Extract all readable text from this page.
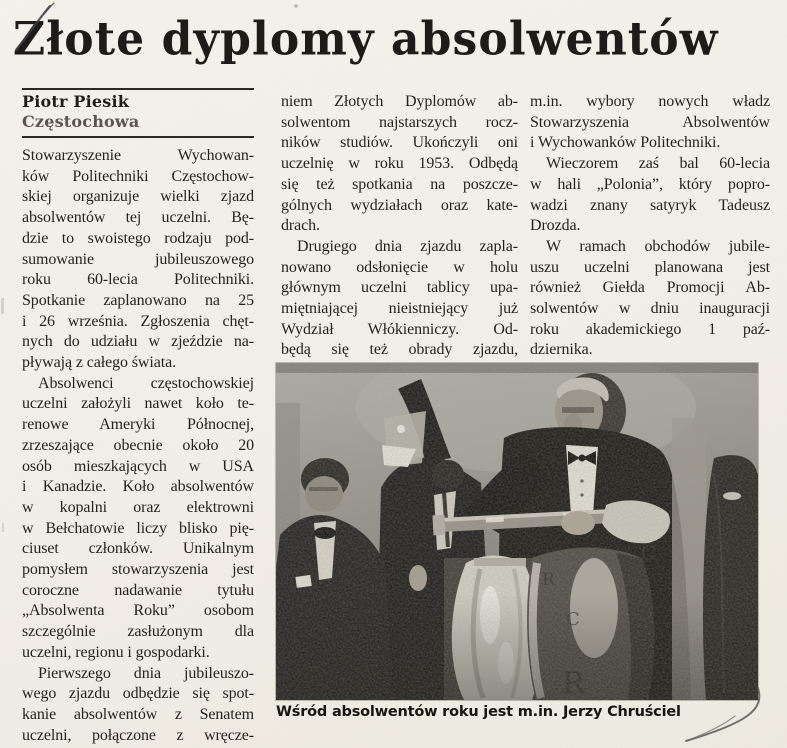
Złote dyplomy absolwentów
Piotr Piesik
Częstochowa
Stowarzyszenie Wychowan-
ków Politechniki Częstochow-
skiej organizuje wielki zjazd
absolwentów tej uczelni. Bę-
dzie to swoistego rodzaju pod-
sumowanie jubileuszowego
roku 60-lecia Politechniki.
Spotkanie zaplanowano na 25
i 26 września. Zgłoszenia chęt-
nych do udziału w zjeździe na-
pływają z całego świata.
Absolwenci częstochowskiej
uczelni założyli nawet koło te-
renowe Ameryki Północnej,
zrzeszające obecnie około 20
osób mieszkających w USA
i Kanadzie. Koło absolwentów
w kopalni oraz elektrowni
w Bełchatowie liczy blisko pię-
ciuset członków. Unikalnym
pomysłem stowarzyszenia jest
coroczne nadawanie tytułu
„Absolwenta Roku” osobom
szczególnie zasłużonym dla
uczelni, regionu i gospodarki.
Pierwszego dnia jubileuszo-
wego zjazdu odbędzie się spot-
kanie absolwentów z Senatem
uczelni, połączone z wręcze-
niem Złotych Dyplomów ab-
solwentom najstarszych rocz-
ników studiów. Ukończyli oni
uczelnię w roku 1953. Odbędą
się też spotkania na poszcze-
gólnych wydziałach oraz kate-
drach.
Drugiego dnia zjazdu zapla-
nowano odsłonięcie w holu
głównym uczelni tablicy upa-
miętniającej nieistniejący już
Wydział Włókienniczy. Od-
będą się też obrady zjazdu,
m.in. wybory nowych władz
Stowarzyszenia Absolwentów
i Wychowanków Politechniki.
Wieczorem zaś bal 60-lecia
w hali „Polonia”, który popro-
wadzi znany satyryk Tadeusz
Drozda.
W ramach obchodów jubile-
uszu uczelni planowana jest
również Giełda Promocji Ab-
solwentów w dniu inauguracji
roku akademickiego 1 paź-
dziernika.
Wśród absolwentów roku jest m.in. Jerzy Chruściel
